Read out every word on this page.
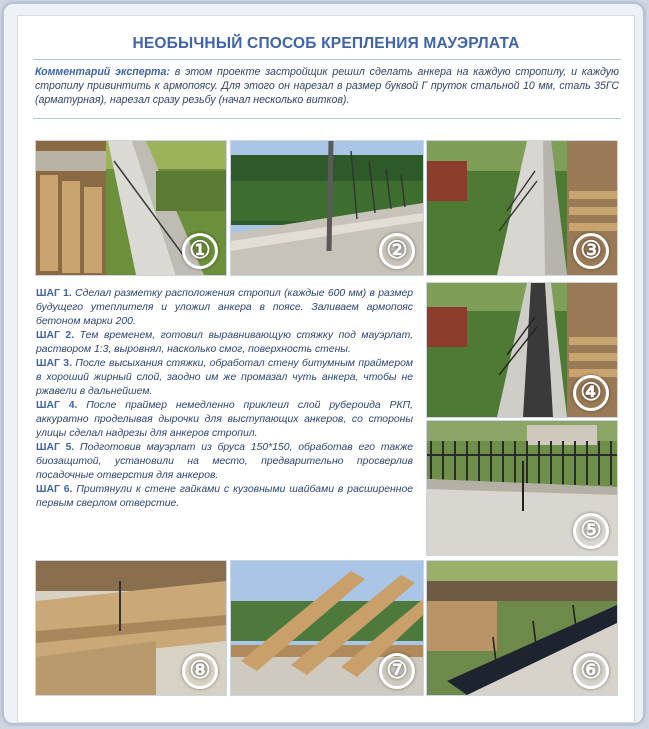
НЕОБЫЧНЫЙ СПОСОБ КРЕПЛЕНИЯ МАУЭРЛАТА
Комментарий эксперта: в этом проекте застройщик решил сделать анкера на каждую стропилу, и каждую стропилу привинтить к армопоясу. Для этого он нарезал в размер буквой Г пруток стальной 10 мм, сталь 35ГС (арматурная), нарезал сразу резьбу (начал несколько витков).
①	②	③
④
⑤
⑧	⑦	⑥

ШАГ 1. Сделал разметку расположения стропил (каждые 600 мм) в размер будущего утеплителя и уложил анкера в поясе. Заливаем армопояс бетоном марки 200.

ШАГ 2. Тем временем, готовил выравнивающую стяжку под мауэрлат, раствором 1:3, выровнял, насколько смог, поверхность стены.

ШАГ 3. После высыхания стяжки, обработал стену битумным праймером в хороший жирный слой, заодно им же промазал чуть анкера, чтобы не ржавели в дальнейшем.

ШАГ 4. После праймер немедленно приклеил слой рубероида РКП, аккуратно проделывая дырочки для выступающих анкеров, со стороны улицы сделал надрезы для анкеров стропил.

ШАГ 5. Подготовив мауэрлат из бруса 150*150, обработав его также биозащитой, установили на место, предварительно просверлив посадочные отверстия для анкеров.

ШАГ 6. Притянули к стене гайками с кузовными шайбами в расширенное первым сверлом отверстие.
